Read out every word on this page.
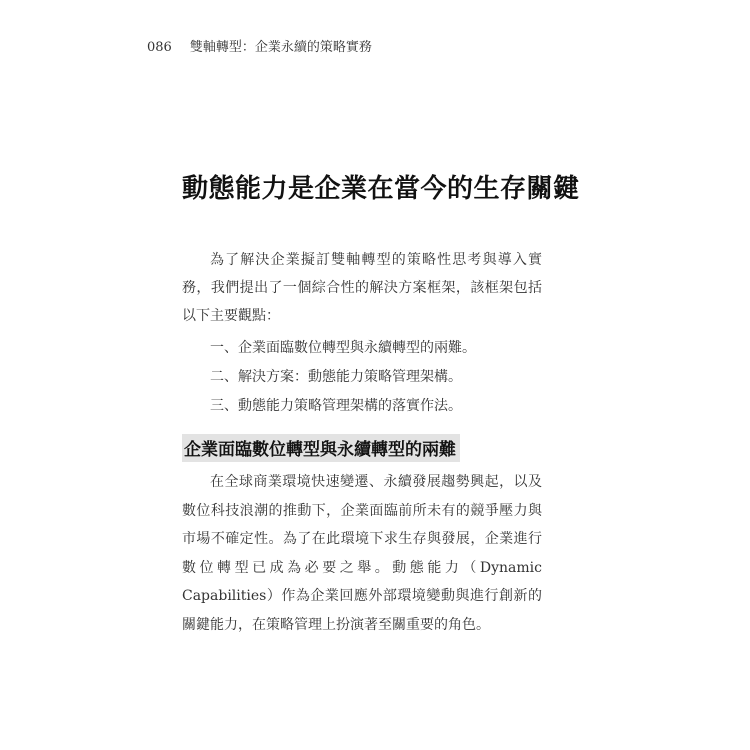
086 雙軸轉型：企業永續的策略實務
動態能力是企業在當今的生存關鍵

為了解決企業擬訂雙軸轉型的策略性思考與導入實務，我們提出了一個綜合性的解決方案框架，該框架包括以下主要觀點：

一、企業面臨數位轉型與永續轉型的兩難。
二、解決方案：動態能力策略管理架構。
三、動態能力策略管理架構的落實作法。
企業面臨數位轉型與永續轉型的兩難

在全球商業環境快速變遷、永續發展趨勢興起，以及數位科技浪潮的推動下，企業面臨前所未有的競爭壓力與市場不確定性。為了在此環境下求生存與發展，企業進行數位轉型已成為必要之舉。動態能力（Dynamic Capabilities）作為企業回應外部環境變動與進行創新的關鍵能力，在策略管理上扮演著至關重要的角色。
